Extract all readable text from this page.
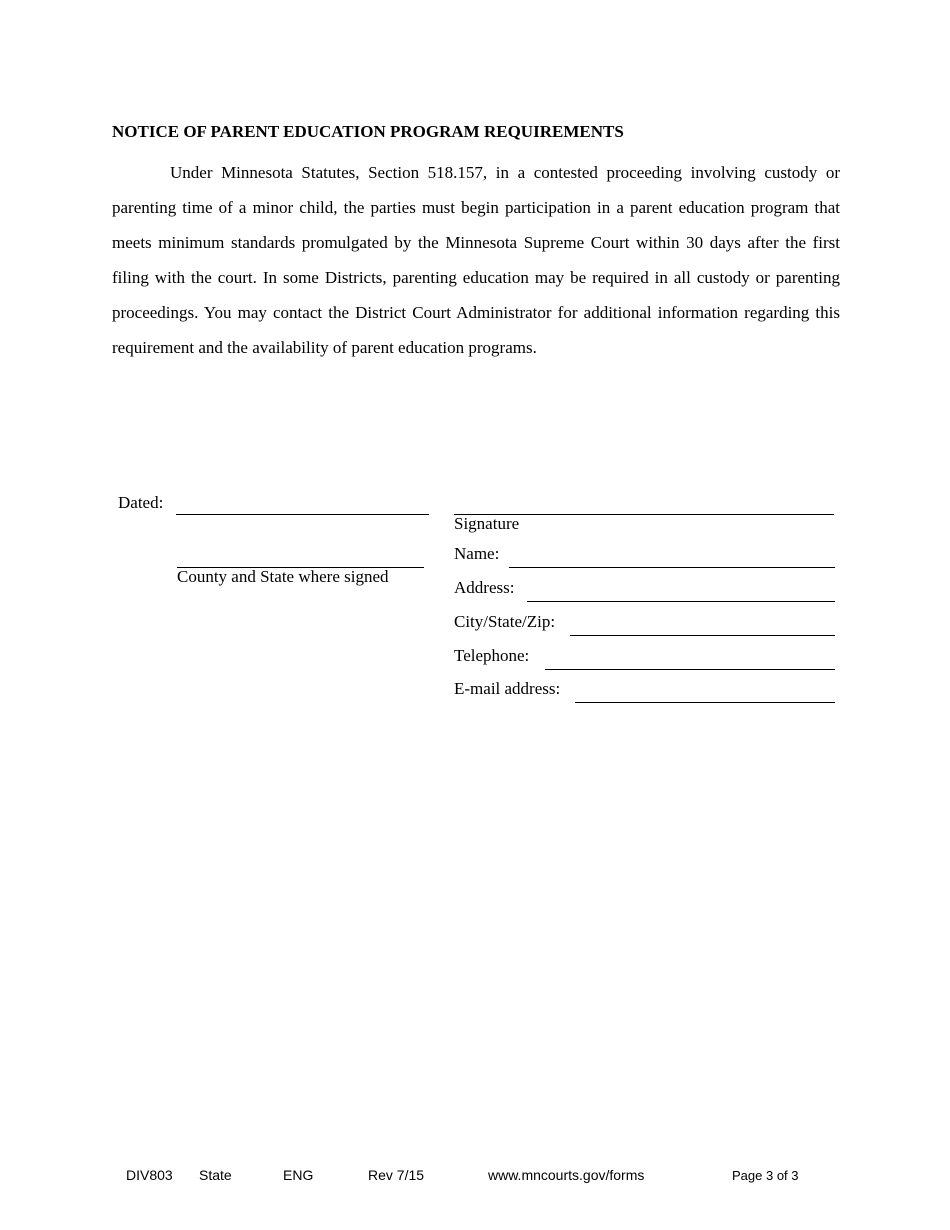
NOTICE OF PARENT EDUCATION PROGRAM REQUIREMENTS

Under Minnesota Statutes, Section 518.157, in a contested proceeding involving custody or parenting time of a minor child, the parties must begin participation in a parent education program that meets minimum standards promulgated by the Minnesota Supreme Court within 30 days after the first filing with the court. In some Districts, parenting education may be required in all custody or parenting proceedings. You may contact the District Court Administrator for additional information regarding this requirement and the availability of parent education programs.

Dated:
County and State where signed
Signature
Name:
Address:
City/State/Zip:
Telephone:
E-mail address:
DIV803 State	ENG	Rev 7/15	www.mncourts.gov/forms	Page 3 of 3
